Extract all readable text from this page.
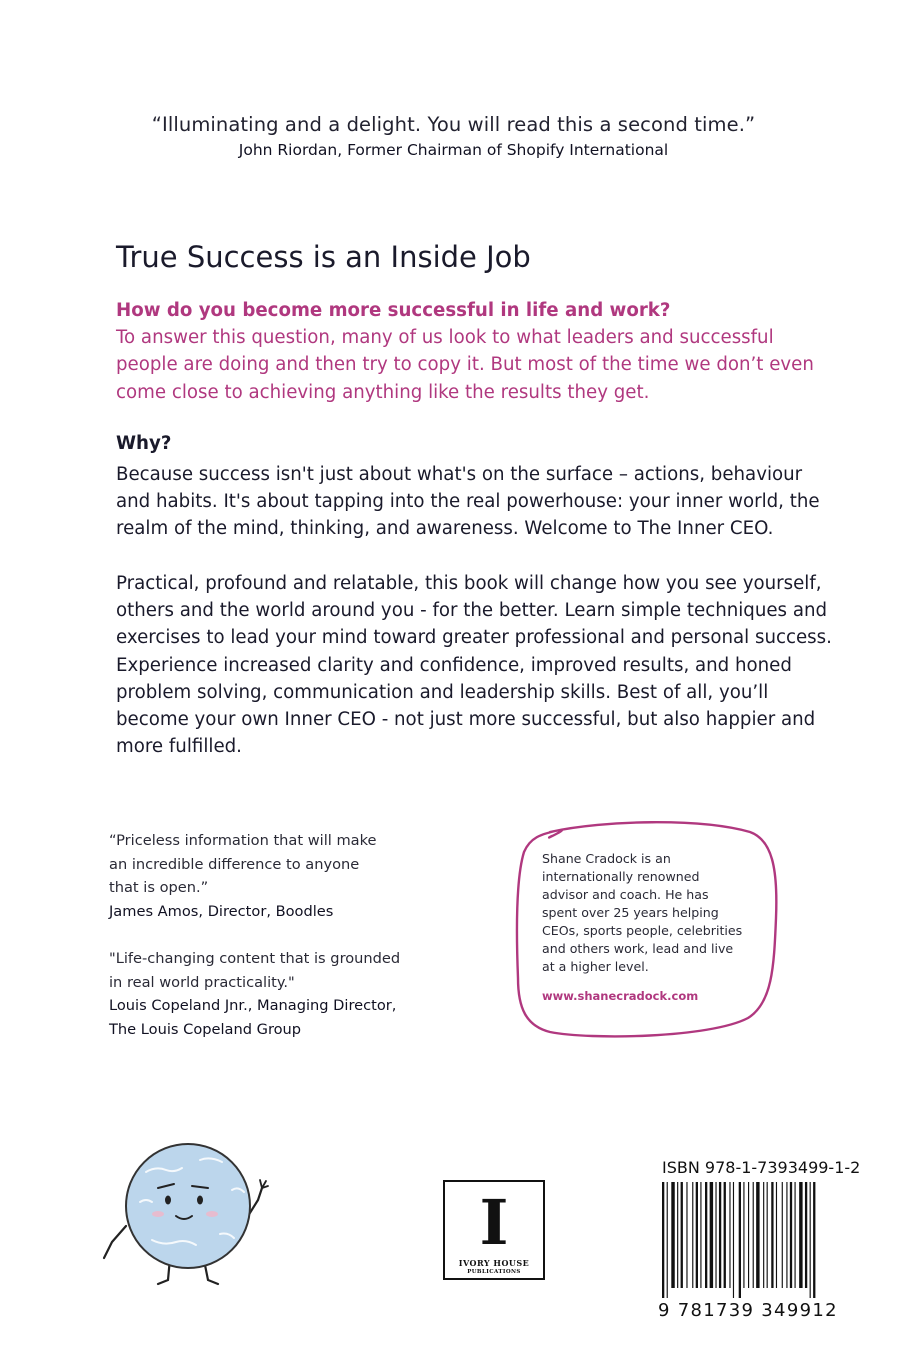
“Illuminating and a delight. You will read this a second time.”
John Riordan, Former Chairman of Shopify International
True Success is an Inside Job
How do you become more successful in life and work?
To answer this question, many of us look to what leaders and successful people are doing and then try to copy it. But most of the time we don’t even come close to achieving anything like the results they get.
Why?
Because success isn't just about what's on the surface – actions, behaviour and habits. It's about tapping into the real powerhouse: your inner world, the realm of the mind, thinking, and awareness. Welcome to The Inner CEO.
Practical, profound and relatable, this book will change how you see yourself, others and the world around you - for the better. Learn simple techniques and exercises to lead your mind toward greater professional and personal success. Experience increased clarity and confidence, improved results, and honed problem solving, communication and leadership skills. Best of all, you’ll become your own Inner CEO - not just more successful, but also happier and more fulfilled.
“Priceless information that will make
an incredible difference to anyone
that is open.”
James Amos, Director, Boodles
"Life-changing content that is grounded
in real world practicality."
Louis Copeland Jnr., Managing Director,
The Louis Copeland Group
Shane Cradock is an
internationally renowned
advisor and coach. He has
spent over 25 years helping
CEOs, sports people, celebrities
and others work, lead and live
at a higher level.
www.shanecradock.com
I
IVORY HOUSE
PUBLICATIONS
ISBN 978-1-7393499-1-2
9 781739 349912
